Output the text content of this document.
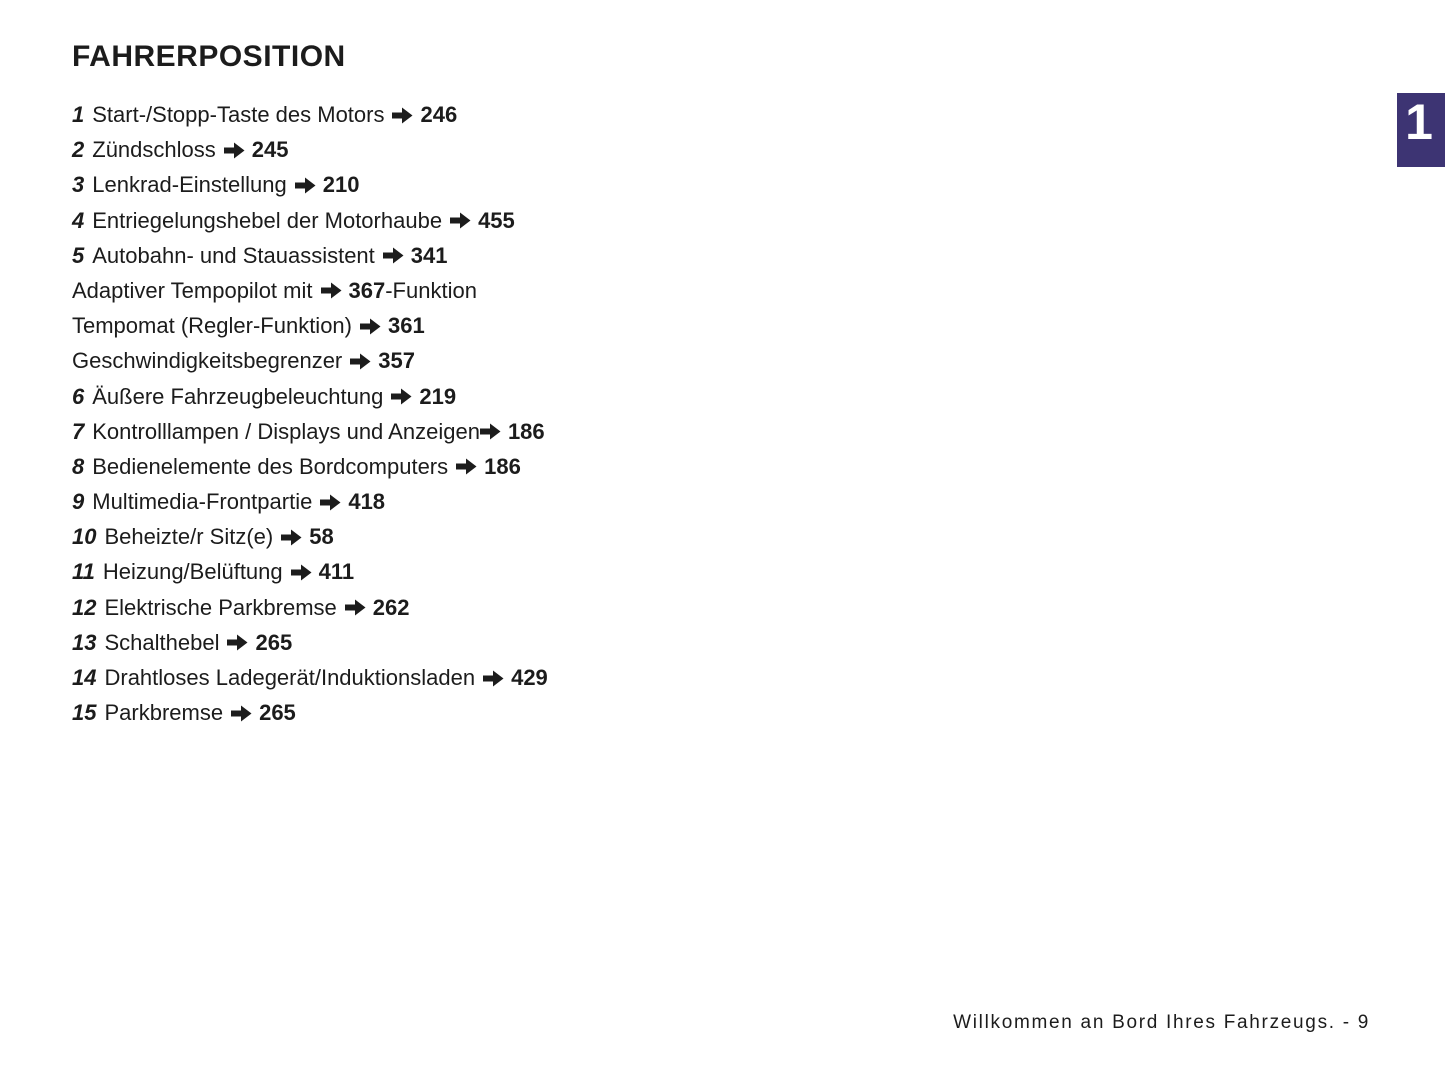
FAHRERPOSITION
1 Start-/Stopp-Taste des Motors 246
2 Zündschloss 245
3 Lenkrad-Einstellung 210
4 Entriegelungshebel der Motorhaube 455
5 Autobahn- und Stauassistent 341
Adaptiver Tempopilot mit 367-Funktion
Tempomat (Regler-Funktion) 361
Geschwindigkeitsbegrenzer 357
6 Äußere Fahrzeugbeleuchtung 219
7 Kontrolllampen / Displays und Anzeigen 186
8 Bedienelemente des Bordcomputers 186
9 Multimedia-Frontpartie 418
10 Beheizte/r Sitz(e) 58
11 Heizung/Belüftung 411
12 Elektrische Parkbremse 262
13 Schalthebel 265
14 Drahtloses Ladegerät/Induktionsladen 429
15 Parkbremse 265
1
Willkommen an Bord Ihres Fahrzeugs. - 9
